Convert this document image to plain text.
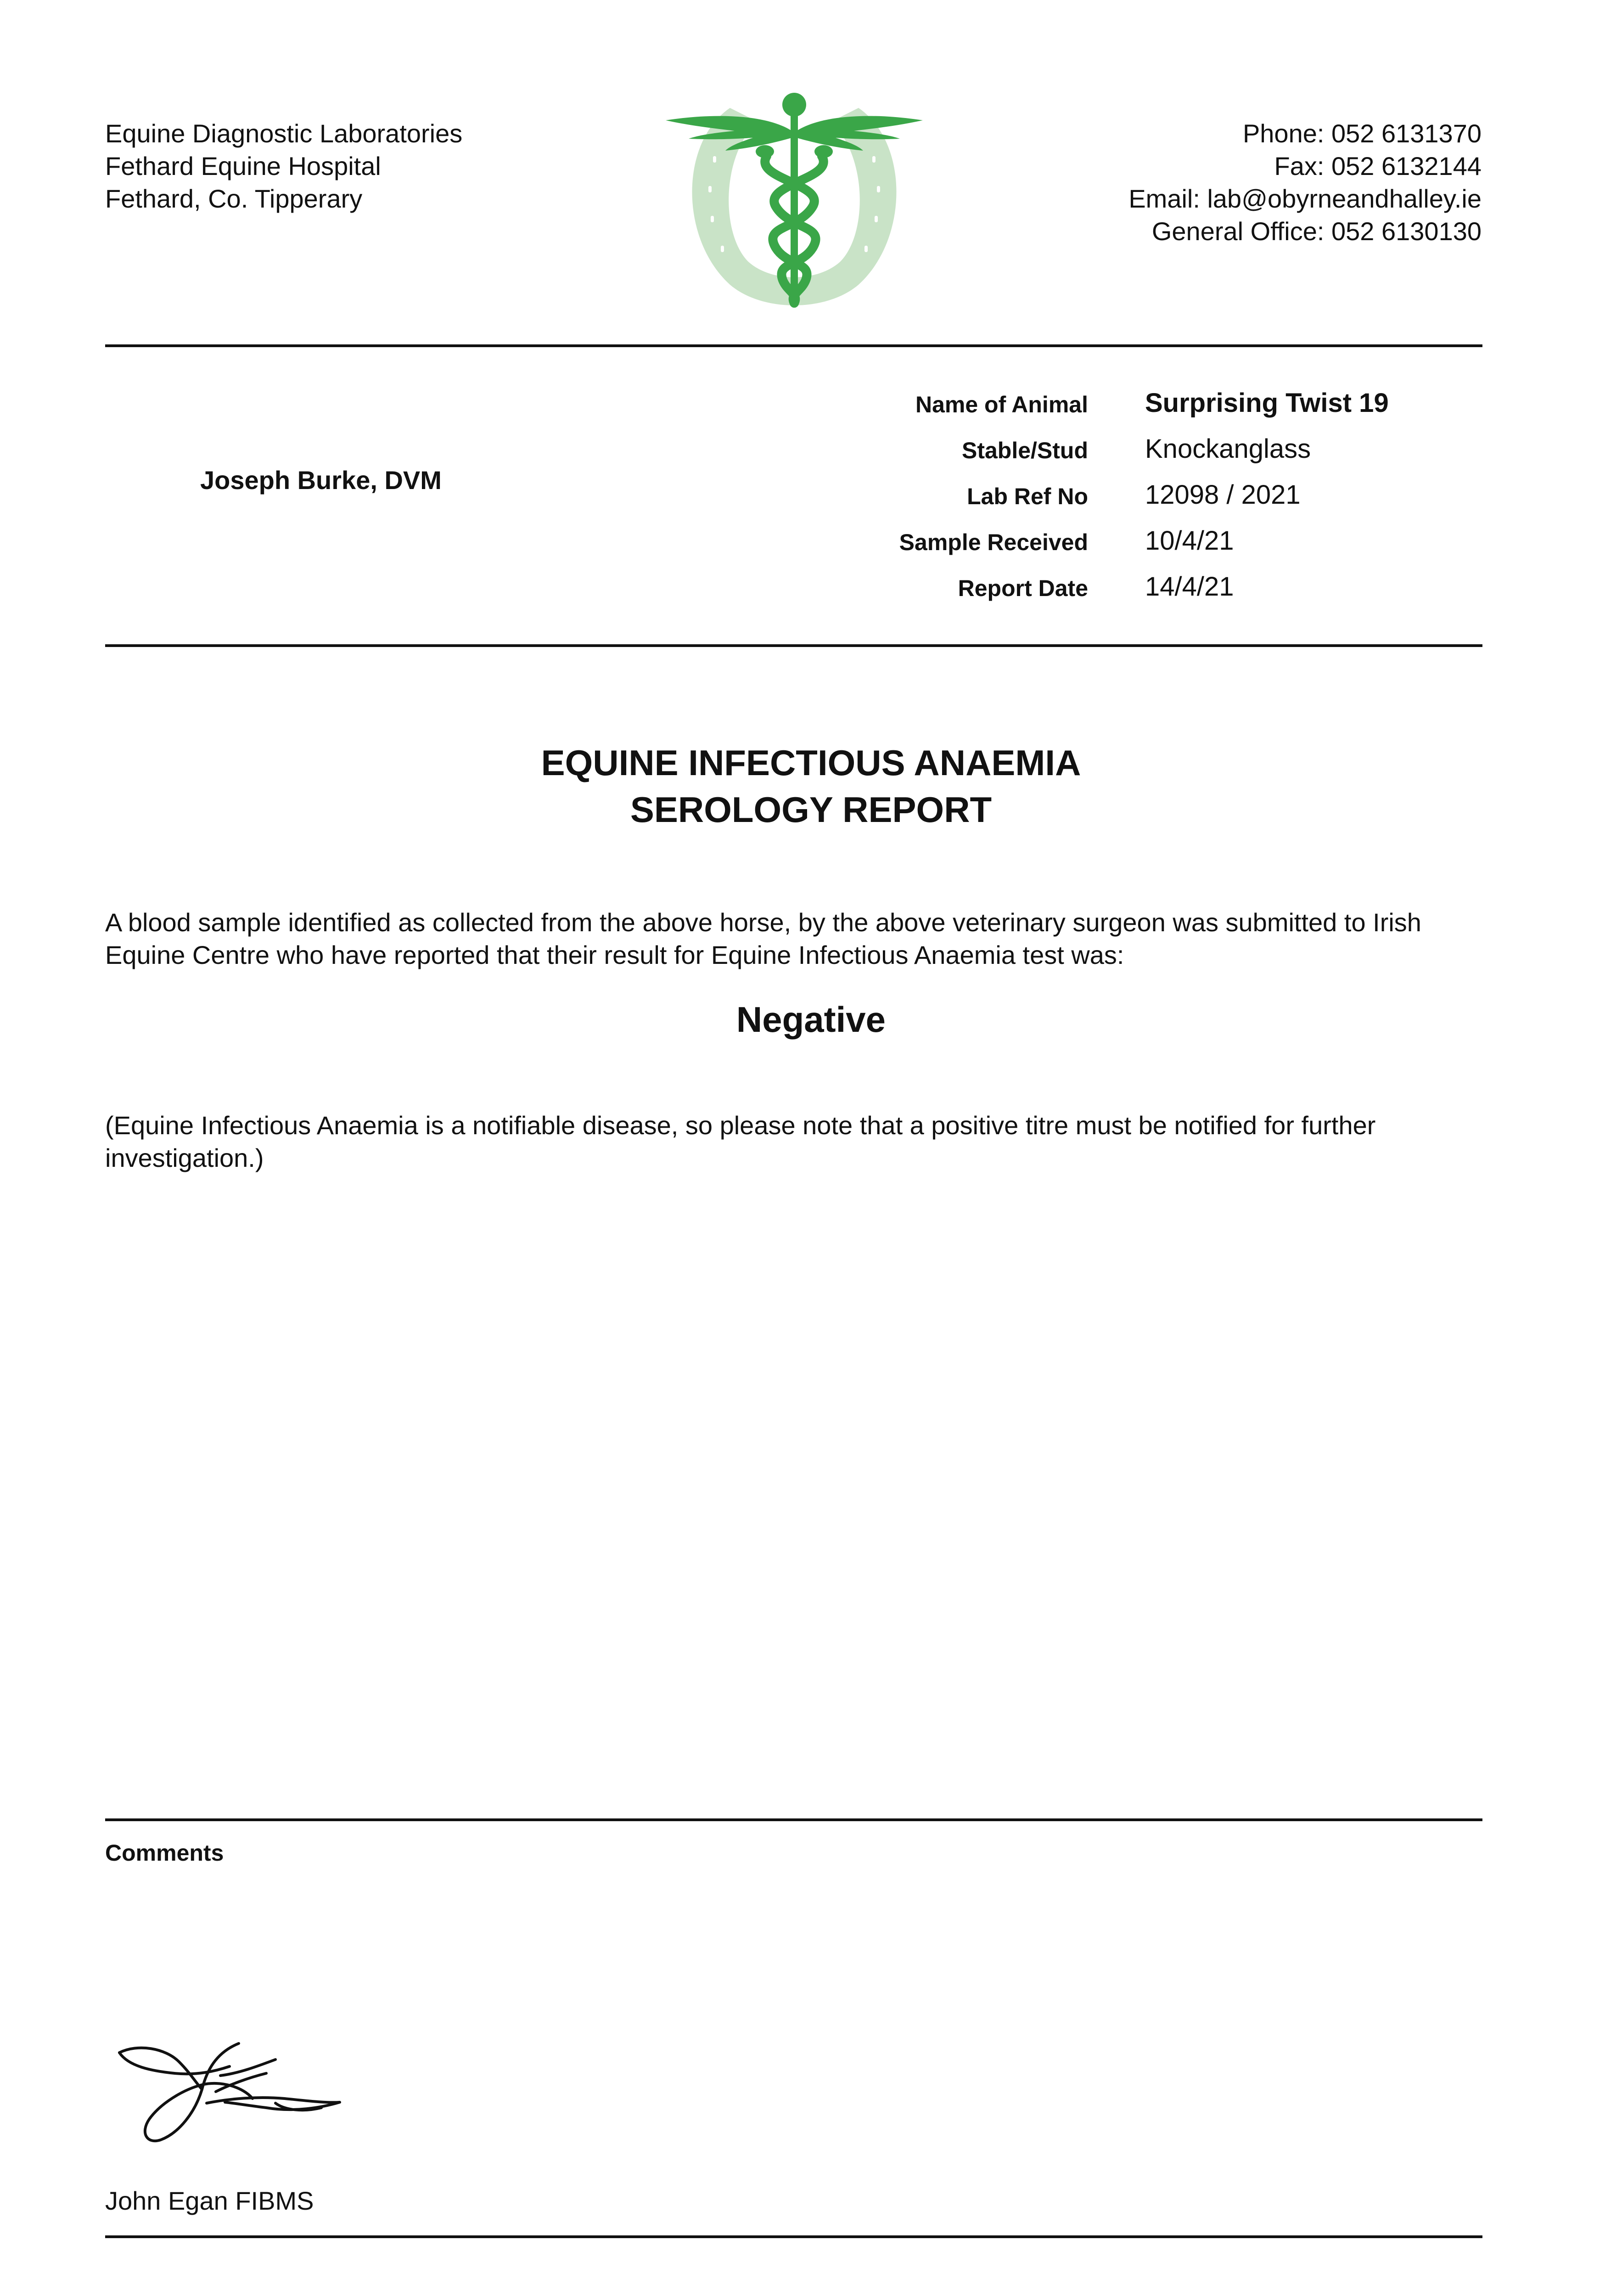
Equine Diagnostic Laboratories
Fethard Equine Hospital
Fethard, Co. Tipperary
Phone: 052 6131370
Fax: 052 6132144
Email: lab@obyrneandhalley.ie
General Office: 052 6130130
Joseph Burke, DVM
Name of Animal Surprising Twist 19
Stable/Stud Knockanglass
Lab Ref No 12098 / 2021
Sample Received 10/4/21
Report Date 14/4/21
EQUINE INFECTIOUS ANAEMIA
SEROLOGY REPORT
A blood sample identified as collected from the above horse, by the above veterinary surgeon was submitted to Irish Equine Centre who have reported that their result for Equine Infectious Anaemia test was:
Negative
(Equine Infectious Anaemia is a notifiable disease, so please note that a positive titre must be notified for further investigation.)
Comments
John Egan FIBMS
